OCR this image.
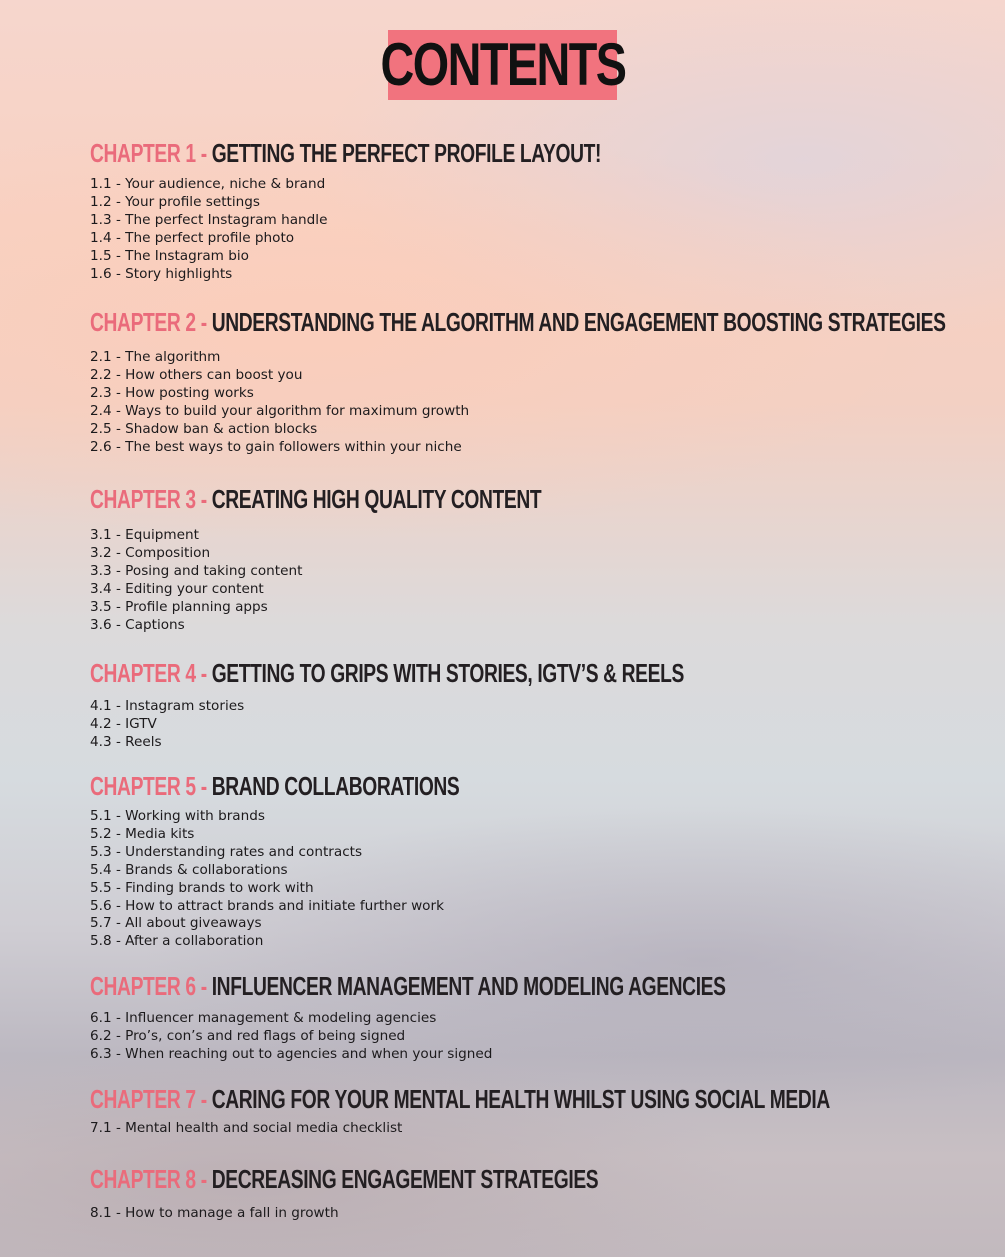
CONTENTS
CHAPTER 1 - GETTING THE PERFECT PROFILE LAYOUT!
1.1 - Your audience, niche & brand
1.2 - Your profile settings
1.3 - The perfect Instagram handle
1.4 - The perfect profile photo
1.5 - The Instagram bio
1.6 - Story highlights
CHAPTER 2 - UNDERSTANDING THE ALGORITHM AND ENGAGEMENT BOOSTING STRATEGIES
2.1 - The algorithm
2.2 - How others can boost you
2.3 - How posting works
2.4 - Ways to build your algorithm for maximum growth
2.5 - Shadow ban & action blocks
2.6 - The best ways to gain followers within your niche
CHAPTER 3 - CREATING HIGH QUALITY CONTENT
3.1 - Equipment
3.2 - Composition
3.3 - Posing and taking content
3.4 - Editing your content
3.5 - Profile planning apps
3.6 - Captions
CHAPTER 4 - GETTING TO GRIPS WITH STORIES, IGTV’S & REELS
4.1 - Instagram stories
4.2 - IGTV
4.3 - Reels
CHAPTER 5 - BRAND COLLABORATIONS
5.1 - Working with brands
5.2 - Media kits
5.3 - Understanding rates and contracts
5.4 - Brands & collaborations
5.5 - Finding brands to work with
5.6 - How to attract brands and initiate further work
5.7 - All about giveaways
5.8 - After a collaboration
CHAPTER 6 - INFLUENCER MANAGEMENT AND MODELING AGENCIES
6.1 - Influencer management & modeling agencies
6.2 - Pro’s, con’s and red flags of being signed
6.3 - When reaching out to agencies and when your signed
CHAPTER 7 - CARING FOR YOUR MENTAL HEALTH WHILST USING SOCIAL MEDIA
7.1 - Mental health and social media checklist
CHAPTER 8 - DECREASING ENGAGEMENT STRATEGIES
8.1 - How to manage a fall in growth
